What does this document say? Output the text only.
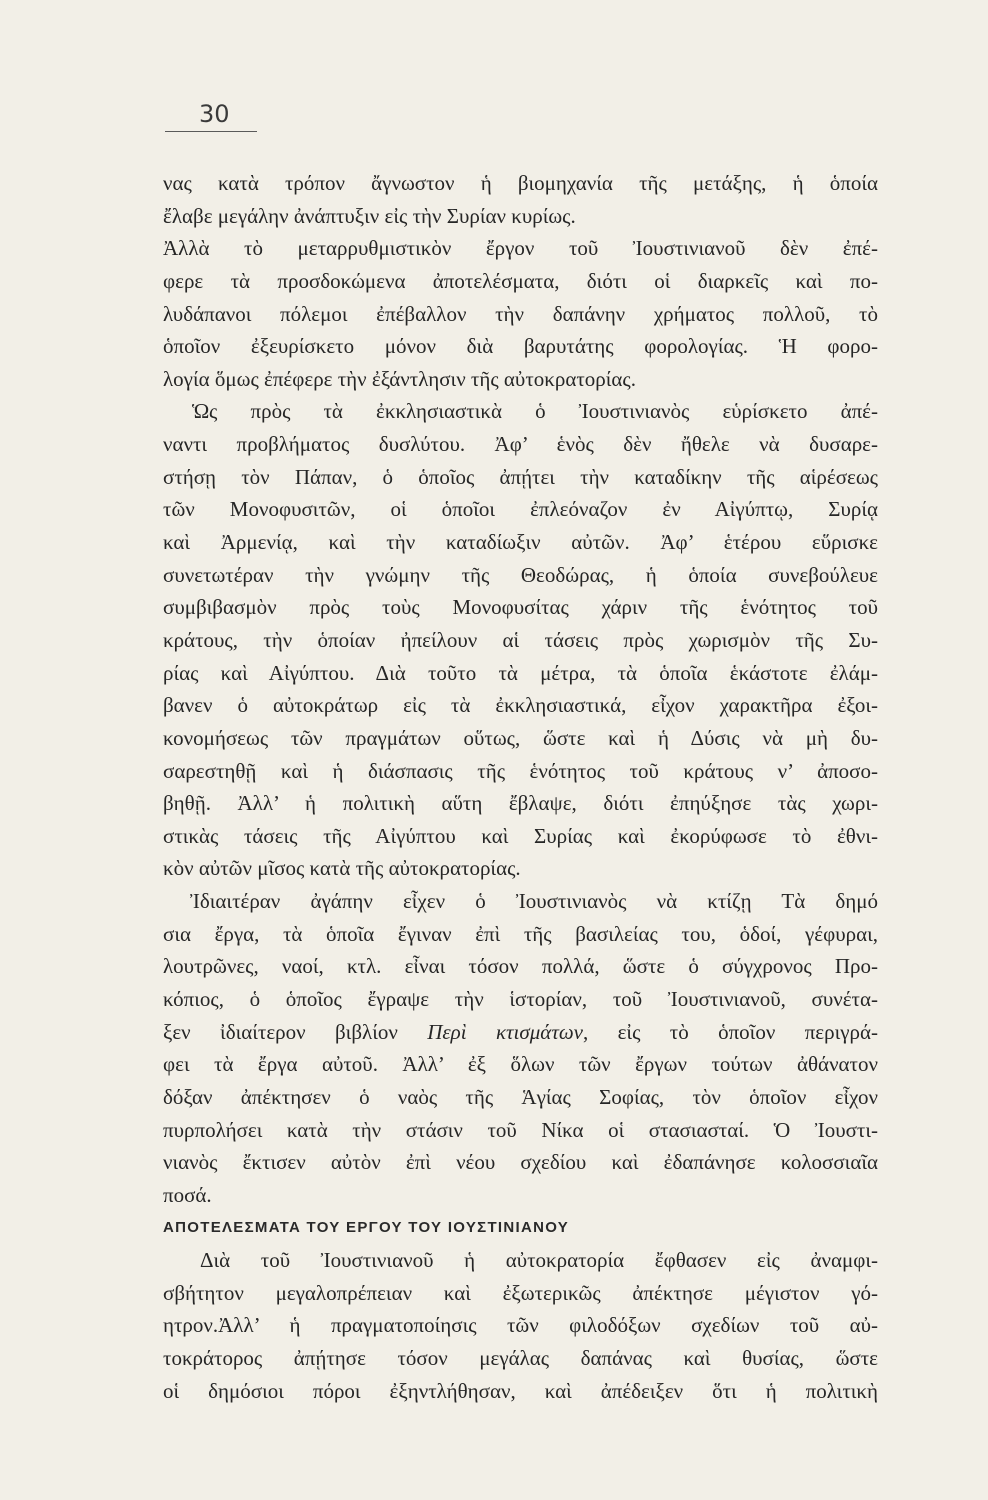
30
νας κατὰ τρόπον ἄγνωστον ἡ βιομηχανία τῆς μετάξης, ἡ ὁποία
ἔλαβε μεγάλην ἀνάπτυξιν εἰς τὴν Συρίαν κυρίως.
Ἀλλὰ τὸ μεταρρυθμιστικὸν ἔργον τοῦ Ἰουστινιανοῦ δὲν ἐπέ-
φερε τὰ προσδοκώμενα ἀποτελέσματα, διότι οἱ διαρκεῖς καὶ πο-
λυδάπανοι πόλεμοι ἐπέβαλλον τὴν δαπάνην χρήματος πολλοῦ, τὸ
ὁποῖον ἐξευρίσκετο μόνον διὰ βαρυτάτης φορολογίας. Ἡ φορο-
λογία ὅμως ἐπέφερε τὴν ἐξάντλησιν τῆς αὐτοκρατορίας.
Ὡς πρὸς τὰ ἐκκλησιαστικὰ ὁ Ἰουστινιανὸς εὑρίσκετο ἀπέ-
ναντι προβλήματος δυσλύτου. Ἀφ’ ἑνὸς δὲν ἤθελε νὰ δυσαρε-
στήσῃ τὸν Πάπαν, ὁ ὁποῖος ἀπῄτει τὴν καταδίκην τῆς αἱρέσεως
τῶν Μονοφυσιτῶν, οἱ ὁποῖοι ἐπλεόναζον ἐν Αἰγύπτῳ, Συρίᾳ
καὶ Ἀρμενίᾳ, καὶ τὴν καταδίωξιν αὐτῶν. Ἀφ’ ἑτέρου εὕρισκε
συνετωτέραν τὴν γνώμην τῆς Θεοδώρας, ἡ ὁποία συνεβούλευε
συμβιβασμὸν πρὸς τοὺς Μονοφυσίτας χάριν τῆς ἑνότητος τοῦ
κράτους, τὴν ὁποίαν ἠπείλουν αἱ τάσεις πρὸς χωρισμὸν τῆς Συ-
ρίας καὶ Αἰγύπτου. Διὰ τοῦτο τὰ μέτρα, τὰ ὁποῖα ἑκάστοτε ἐλάμ-
βανεν ὁ αὐτοκράτωρ εἰς τὰ ἐκκλησιαστικά, εἶχον χαρακτῆρα ἐξοι-
κονομήσεως τῶν πραγμάτων οὕτως, ὥστε καὶ ἡ Δύσις νὰ μὴ δυ-
σαρεστηθῇ καὶ ἡ διάσπασις τῆς ἑνότητος τοῦ κράτους ν’ ἀποσο-
βηθῇ. Ἀλλ’ ἡ πολιτικὴ αὕτη ἔβλαψε, διότι ἐπηύξησε τὰς χωρι-
στικὰς τάσεις τῆς Αἰγύπτου καὶ Συρίας καὶ ἐκορύφωσε τὸ ἐθνι-
κὸν αὐτῶν μῖσος κατὰ τῆς αὐτοκρατορίας.
Ἰδιαιτέραν ἀγάπην εἶχεν ὁ Ἰουστινιανὸς νὰ κτίζῃ Τὰ δημό
σια ἔργα, τὰ ὁποῖα ἔγιναν ἐπὶ τῆς βασιλείας του, ὁδοί, γέφυραι,
λουτρῶνες, ναοί, κτλ. εἶναι τόσον πολλά, ὥστε ὁ σύγχρονος Προ-
κόπιος, ὁ ὁποῖος ἔγραψε τὴν ἱστορίαν, τοῦ Ἰουστινιανοῦ, συνέτα-
ξεν ἰδιαίτερον βιβλίον Περὶ κτισμάτων, εἰς τὸ ὁποῖον περιγρά-
φει τὰ ἔργα αὐτοῦ. Ἀλλ’ ἐξ ὅλων τῶν ἔργων τούτων ἀθάνατον
δόξαν ἀπέκτησεν ὁ ναὸς τῆς Ἁγίας Σοφίας, τὸν ὁποῖον εἶχον
πυρπολήσει κατὰ τὴν στάσιν τοῦ Νίκα οἱ στασιασταί. Ὁ Ἰουστι-
νιανὸς ἔκτισεν αὐτὸν ἐπὶ νέου σχεδίου καὶ ἐδαπάνησε κολοσσιαῖα
ποσά.
ΑΠΟΤΕΛΕΣΜΑΤΑ ΤΟΥ ΕΡΓΟΥ ΤΟΥ ΙΟΥΣΤΙΝΙΑΝΟΥ
Διὰ τοῦ Ἰουστινιανοῦ ἡ αὐτοκρατορία ἔφθασεν εἰς ἀναμφι-
σβήτητον μεγαλοπρέπειαν καὶ ἐξωτερικῶς ἀπέκτησε μέγιστον γό-
ητρον.Ἀλλ’ ἡ πραγματοποίησις τῶν φιλοδόξων σχεδίων τοῦ αὐ-
τοκράτορος ἀπῄτησε τόσον μεγάλας δαπάνας καὶ θυσίας, ὥστε
οἱ δημόσιοι πόροι ἐξηντλήθησαν, καὶ ἀπέδειξεν ὅτι ἡ πολιτικὴ
